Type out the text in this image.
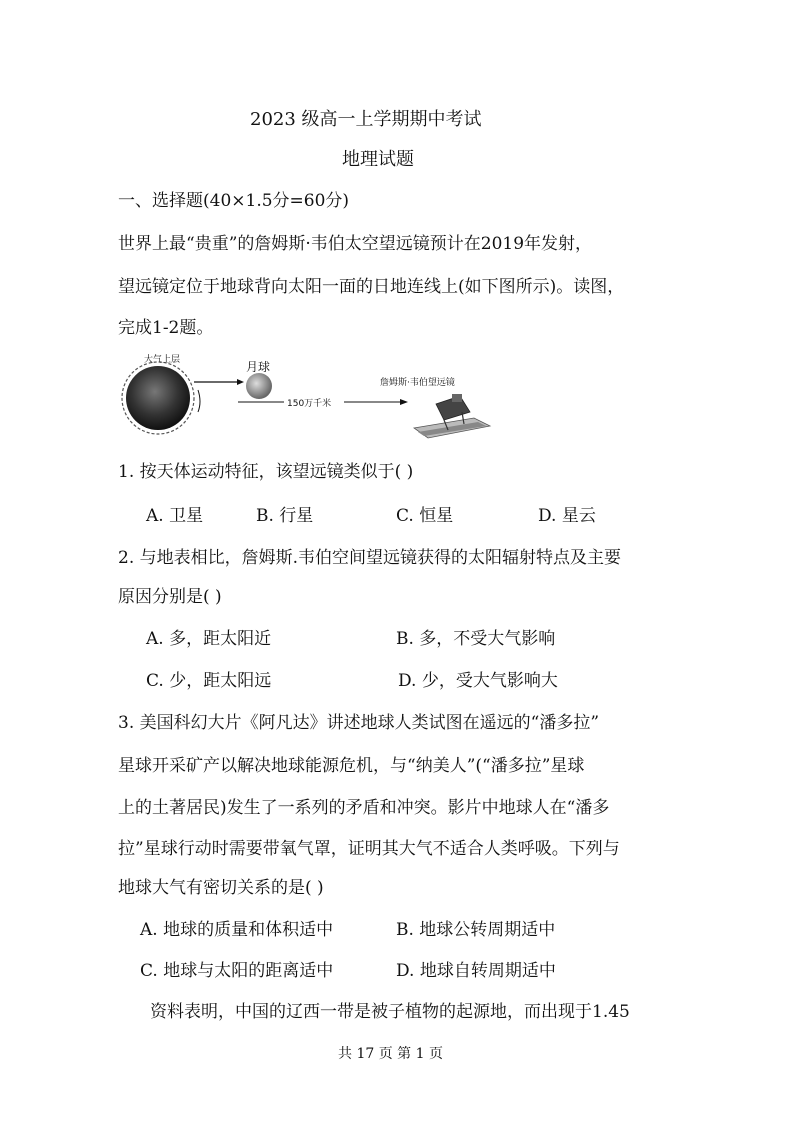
2023 级高一上学期期中考试
地理试题
一、选择题(40×1.5分=60分)
世界上最“贵重”的詹姆斯·韦伯太空望远镜预计在2019年发射，
望远镜定位于地球背向太阳一面的日地连线上(如下图所示)。读图，
完成1-2题。
大气上层	月球
150万千米
詹姆斯·韦伯望远镜
1. 按天体运动特征，该望远镜类似于( )
A. 卫星	B. 行星	C. 恒星	D. 星云
2. 与地表相比，詹姆斯.韦伯空间望远镜获得的太阳辐射特点及主要
原因分别是( )
A. 多，距太阳近	B. 多，不受大气影响
C. 少，距太阳远	D. 少，受大气影响大
3. 美国科幻大片《阿凡达》讲述地球人类试图在遥远的“潘多拉”
星球开采矿产以解决地球能源危机，与“纳美人”(“潘多拉”星球
上的土著居民)发生了一系列的矛盾和冲突。影片中地球人在“潘多
拉”星球行动时需要带氧气罩，证明其大气不适合人类呼吸。下列与
地球大气有密切关系的是( )
A. 地球的质量和体积适中	B. 地球公转周期适中
C. 地球与太阳的距离适中	D. 地球自转周期适中
资料表明，中国的辽西一带是被子植物的起源地，而出现于1.45
共 17 页 第 1 页
